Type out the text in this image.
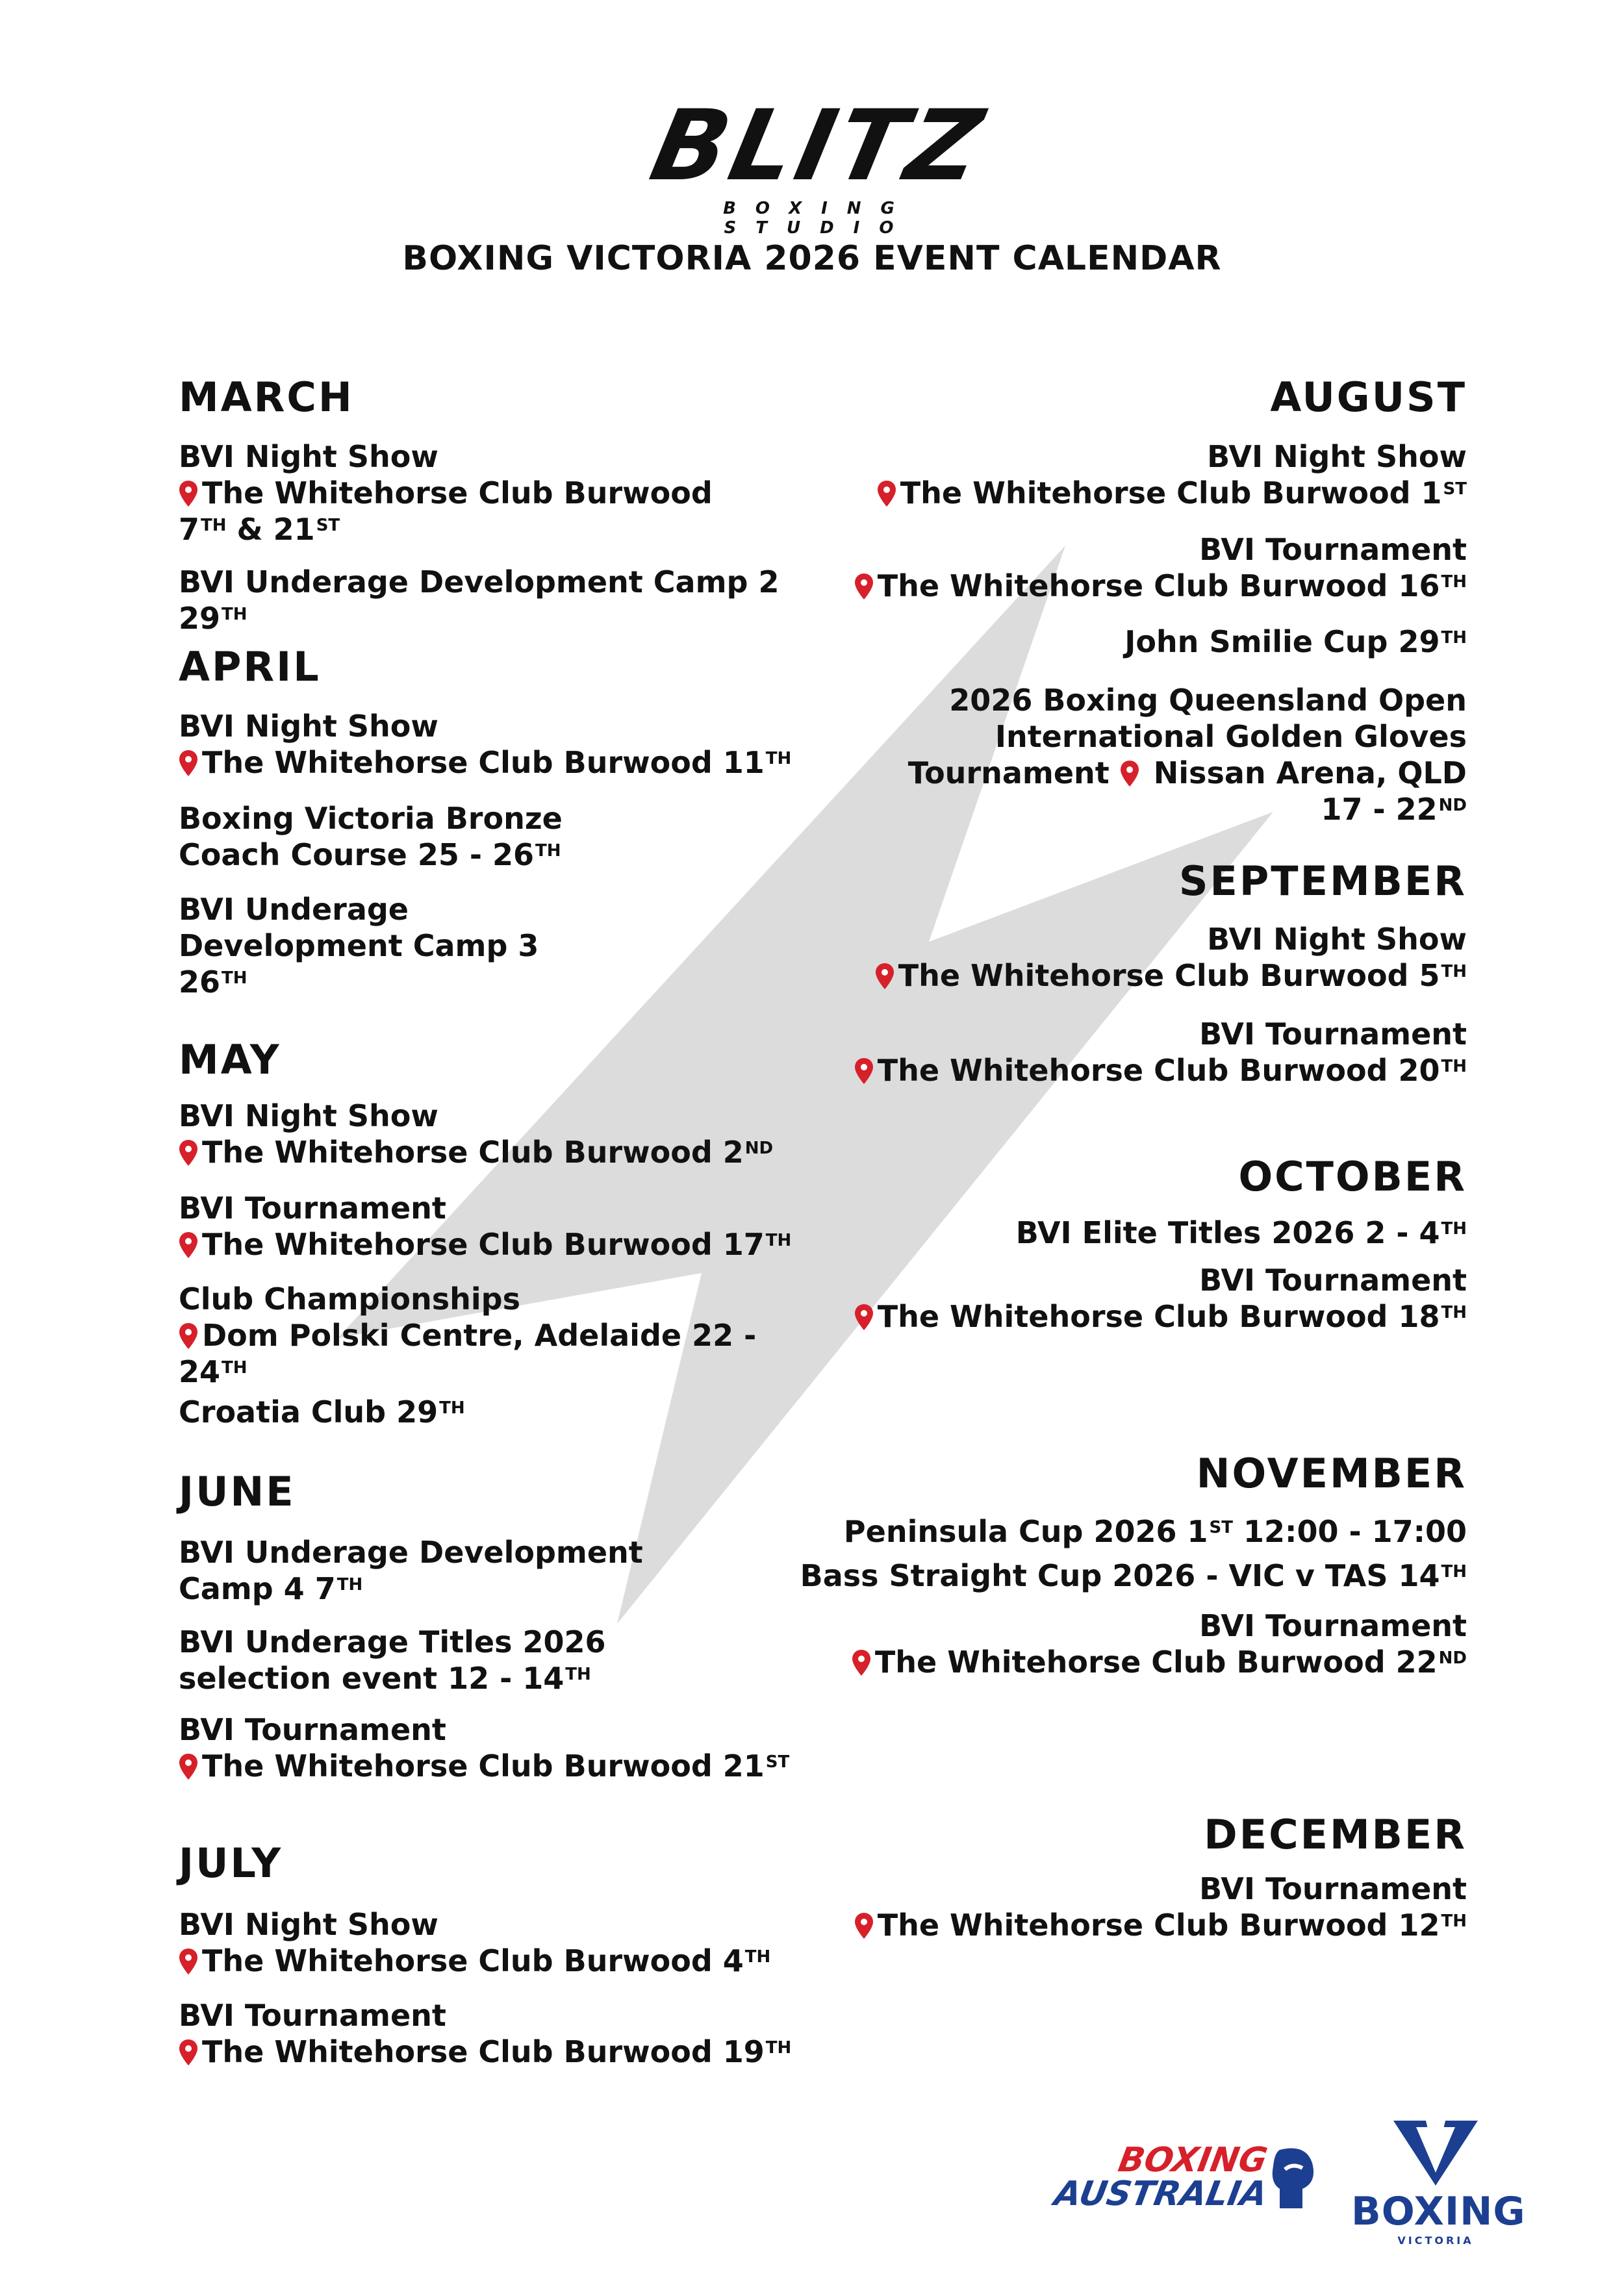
BLITZ
BOXING STUDIO
BOXING VICTORIA 2026 EVENT CALENDAR
MARCH
BVI Night Show
The Whitehorse Club Burwood
7TH & 21ST
BVI Underage Development Camp 2
29TH
APRIL
BVI Night Show
The Whitehorse Club Burwood 11TH
Boxing Victoria Bronze
Coach Course 25 - 26TH
BVI Underage
Development Camp 3
26TH
MAY
BVI Night Show
The Whitehorse Club Burwood 2ND
BVI Tournament
The Whitehorse Club Burwood 17TH
Club Championships
Dom Polski Centre, Adelaide 22 -
24TH
Croatia Club 29TH
JUNE
BVI Underage Development
Camp 4 7TH
BVI Underage Titles 2026
selection event 12 - 14TH
BVI Tournament
The Whitehorse Club Burwood 21ST
JULY
BVI Night Show
The Whitehorse Club Burwood 4TH
BVI Tournament
The Whitehorse Club Burwood 19TH
AUGUST
BVI Night Show
The Whitehorse Club Burwood 1ST
BVI Tournament
The Whitehorse Club Burwood 16TH
John Smilie Cup 29TH
2026 Boxing Queensland Open
International Golden Gloves
Tournament  Nissan Arena, QLD
17 - 22ND
SEPTEMBER
BVI Night Show
The Whitehorse Club Burwood 5TH
BVI Tournament
The Whitehorse Club Burwood 20TH
OCTOBER
BVI Elite Titles 2026 2 - 4TH
BVI Tournament
The Whitehorse Club Burwood 18TH
NOVEMBER
Peninsula Cup 2026 1ST 12:00 - 17:00
Bass Straight Cup 2026 - VIC v TAS 14TH
BVI Tournament
The Whitehorse Club Burwood 22ND
DECEMBER
BVI Tournament
The Whitehorse Club Burwood 12TH
BOXING
AUSTRALIA BOXING
VICTORIA
